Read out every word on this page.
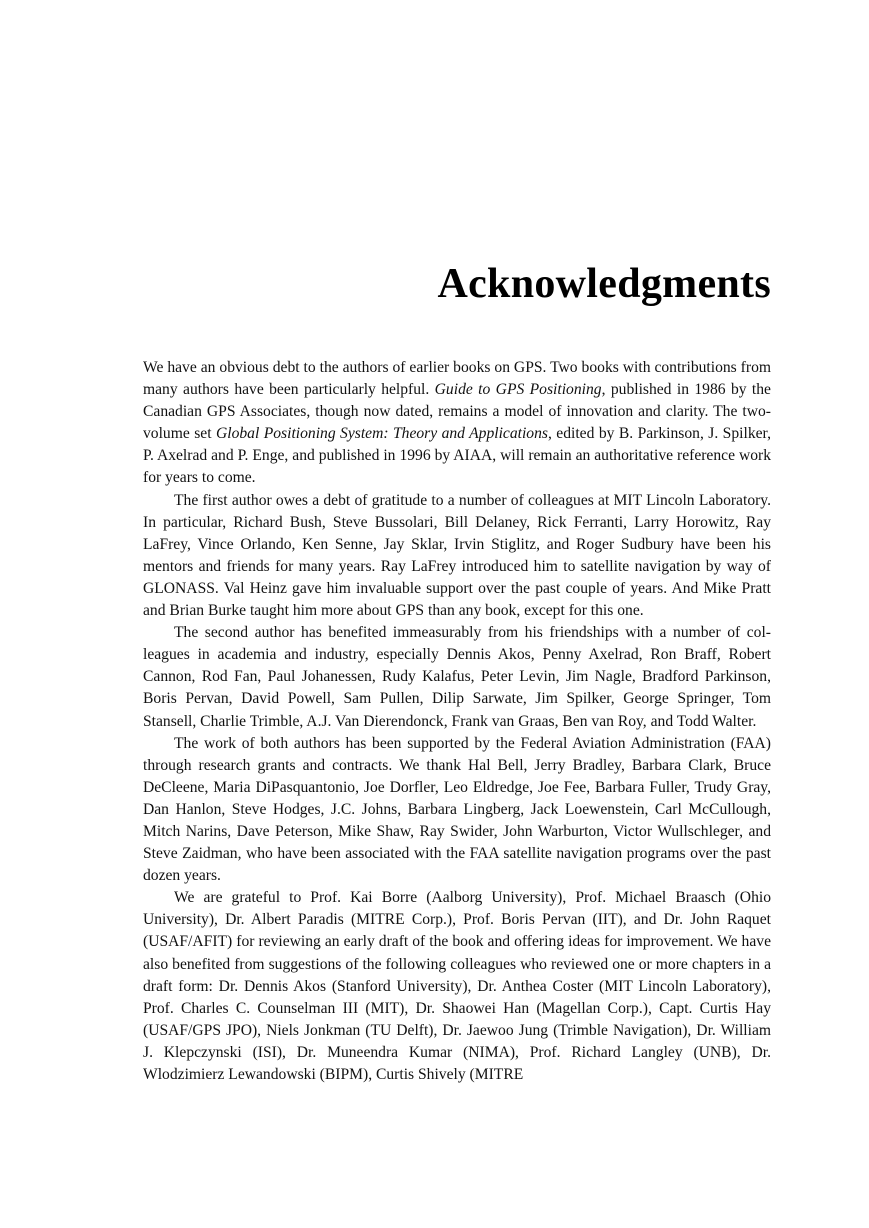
Acknowledgments

We have an obvious debt to the authors of earlier books on GPS. Two books with contributions from many authors have been particularly helpful. Guide to GPS Positioning, published in 1986 by the Canadian GPS Associates, though now dated, remains a model of innovation and clarity. The two-volume set Global Positioning System: Theory and Applications, edited by B. Parkinson, J. Spilker, P. Axelrad and P. Enge, and published in 1996 by AIAA, will remain an authoritative reference work for years to come.

The first author owes a debt of gratitude to a number of colleagues at MIT Lincoln Laboratory. In particular, Richard Bush, Steve Bussolari, Bill Delaney, Rick Ferranti, Larry Horowitz, Ray LaFrey, Vince Orlando, Ken Senne, Jay Sklar, Irvin Stiglitz, and Roger Sudbury have been his mentors and friends for many years. Ray LaFrey introduced him to satellite navigation by way of GLONASS. Val Heinz gave him invaluable support over the past couple of years. And Mike Pratt and Brian Burke taught him more about GPS than any book, except for this one.

The second author has benefited immeasurably from his friendships with a number of colleagues in academia and industry, especially Dennis Akos, Penny Axelrad, Ron Braff, Robert Cannon, Rod Fan, Paul Johanessen, Rudy Kalafus, Peter Levin, Jim Nagle, Bradford Parkinson, Boris Pervan, David Powell, Sam Pullen, Dilip Sarwate, Jim Spilker, George Springer, Tom Stansell, Charlie Trimble, A.J. Van Dierendonck, Frank van Graas, Ben van Roy, and Todd Walter.

The work of both authors has been supported by the Federal Aviation Administration (FAA) through research grants and contracts. We thank Hal Bell, Jerry Bradley, Barbara Clark, Bruce DeCleene, Maria DiPasquantonio, Joe Dorfler, Leo Eldredge, Joe Fee, Barbara Fuller, Trudy Gray, Dan Hanlon, Steve Hodges, J.C. Johns, Barbara Lingberg, Jack Loewenstein, Carl McCullough, Mitch Narins, Dave Peterson, Mike Shaw, Ray Swider, John Warburton, Victor Wullschleger, and Steve Zaidman, who have been associated with the FAA satellite navigation programs over the past dozen years.

We are grateful to Prof. Kai Borre (Aalborg University), Prof. Michael Braasch (Ohio University), Dr. Albert Paradis (MITRE Corp.), Prof. Boris Pervan (IIT), and Dr. John Raquet (USAF/AFIT) for reviewing an early draft of the book and offering ideas for improvement. We have also benefited from suggestions of the following colleagues who reviewed one or more chapters in a draft form: Dr. Dennis Akos (Stanford University), Dr. Anthea Coster (MIT Lincoln Laboratory), Prof. Charles C. Counselman III (MIT), Dr. Shaowei Han (Magellan Corp.), Capt. Curtis Hay (USAF/GPS JPO), Niels Jonkman (TU Delft), Dr. Jaewoo Jung (Trimble Navigation), Dr. William J. Klepczynski (ISI), Dr. Muneendra Kumar (NIMA), Prof. Richard Langley (UNB), Dr. Wlodzimierz Lewandowski (BIPM), Curtis Shively (MITRE
